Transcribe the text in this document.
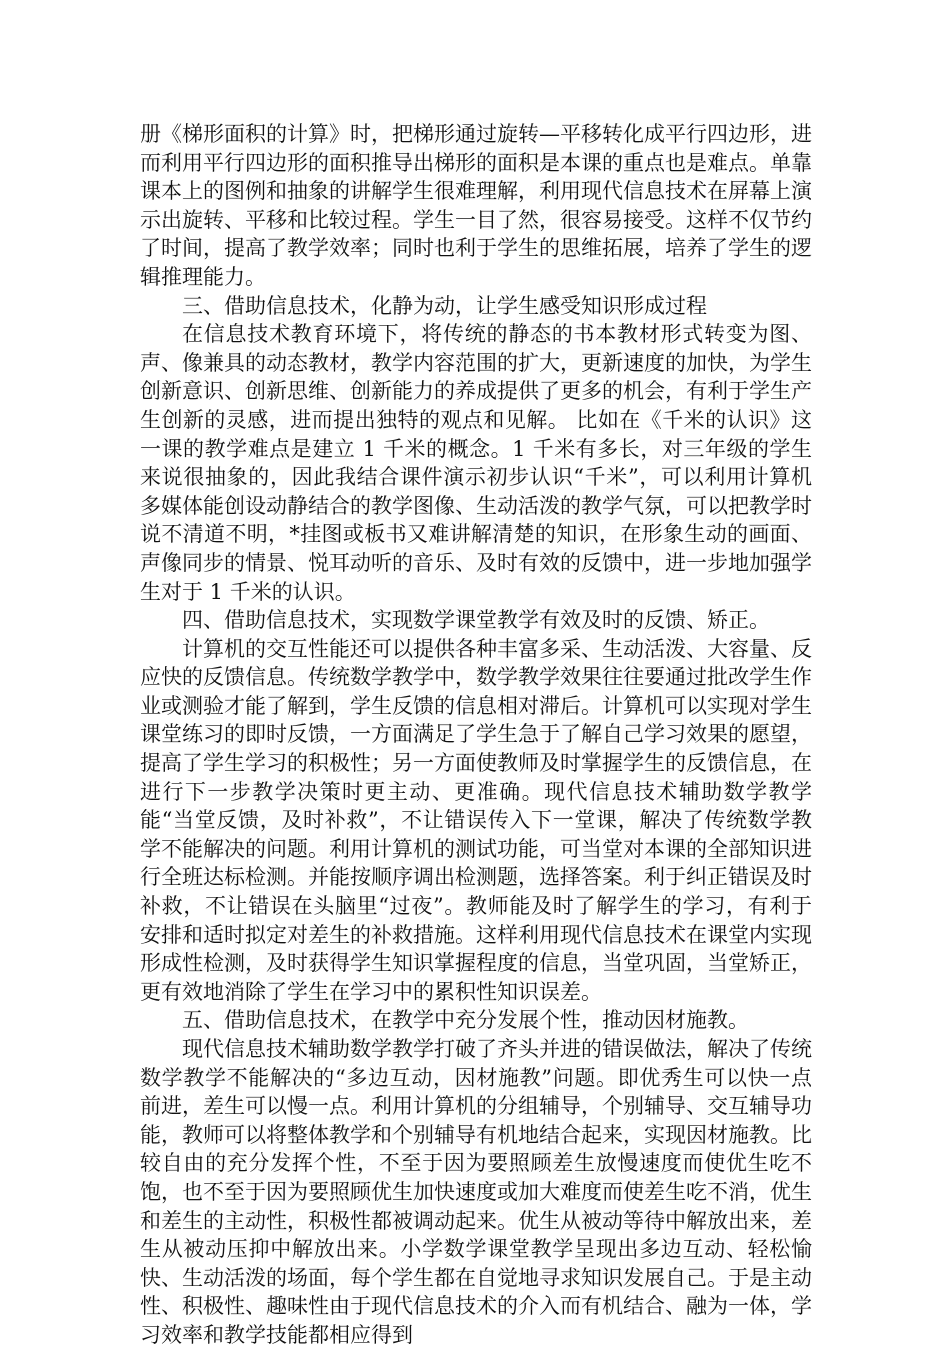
册《梯形面积的计算》时，把梯形通过旋转—平移转化成平行四边形，进而利用平行四边形的面积推导出梯形的面积是本课的重点也是难点。单靠课本上的图例和抽象的讲解学生很难理解，利用现代信息技术在屏幕上演示出旋转、平移和比较过程。学生一目了然，很容易接受。这样不仅节约了时间，提高了教学效率；同时也利于学生的思维拓展，培养了学生的逻辑推理能力。

三、借助信息技术，化静为动，让学生感受知识形成过程

在信息技术教育环境下，将传统的静态的书本教材形式转变为图、声、像兼具的动态教材，教学内容范围的扩大，更新速度的加快，为学生创新意识、创新思维、创新能力的养成提供了更多的机会，有利于学生产生创新的灵感，进而提出独特的观点和见解。 比如在《千米的认识》这一课的教学难点是建立 1 千米的概念。1 千米有多长，对三年级的学生来说很抽象的，因此我结合课件演示初步认识“千米”，可以利用计算机多媒体能创设动静结合的教学图像、生动活泼的教学气氛，可以把教学时说不清道不明，*挂图或板书又难讲解清楚的知识，在形象生动的画面、声像同步的情景、悦耳动听的音乐、及时有效的反馈中，进一步地加强学生对于 1 千米的认识。

四、借助信息技术，实现数学课堂教学有效及时的反馈、矫正。

计算机的交互性能还可以提供各种丰富多采、生动活泼、大容量、反应快的反馈信息。传统数学教学中，数学教学效果往往要通过批改学生作业或测验才能了解到，学生反馈的信息相对滞后。计算机可以实现对学生课堂练习的即时反馈，一方面满足了学生急于了解自己学习效果的愿望，提高了学生学习的积极性；另一方面使教师及时掌握学生的反馈信息，在进行下一步教学决策时更主动、更准确。现代信息技术辅助数学教学能“当堂反馈，及时补救”，不让错误传入下一堂课，解决了传统数学教学不能解决的问题。利用计算机的测试功能，可当堂对本课的全部知识进行全班达标检测。并能按顺序调出检测题，选择答案。利于纠正错误及时补救，不让错误在头脑里“过夜”。教师能及时了解学生的学习，有利于安排和适时拟定对差生的补救措施。这样利用现代信息技术在课堂内实现形成性检测，及时获得学生知识掌握程度的信息，当堂巩固，当堂矫正，更有效地消除了学生在学习中的累积性知识误差。

五、借助信息技术，在教学中充分发展个性，推动因材施教。

现代信息技术辅助数学教学打破了齐头并进的错误做法，解决了传统数学教学不能解决的“多边互动，因材施教”问题。即优秀生可以快一点前进，差生可以慢一点。利用计算机的分组辅导，个别辅导、交互辅导功能，教师可以将整体教学和个别辅导有机地结合起来，实现因材施教。比较自由的充分发挥个性，不至于因为要照顾差生放慢速度而使优生吃不饱，也不至于因为要照顾优生加快速度或加大难度而使差生吃不消，优生和差生的主动性，积极性都被调动起来。优生从被动等待中解放出来，差生从被动压抑中解放出来。小学数学课堂教学呈现出多边互动、轻松愉快、生动活泼的场面，每个学生都在自觉地寻求知识发展自己。于是主动性、积极性、趣味性由于现代信息技术的介入而有机结合、融为一体，学习效率和教学技能都相应得到
